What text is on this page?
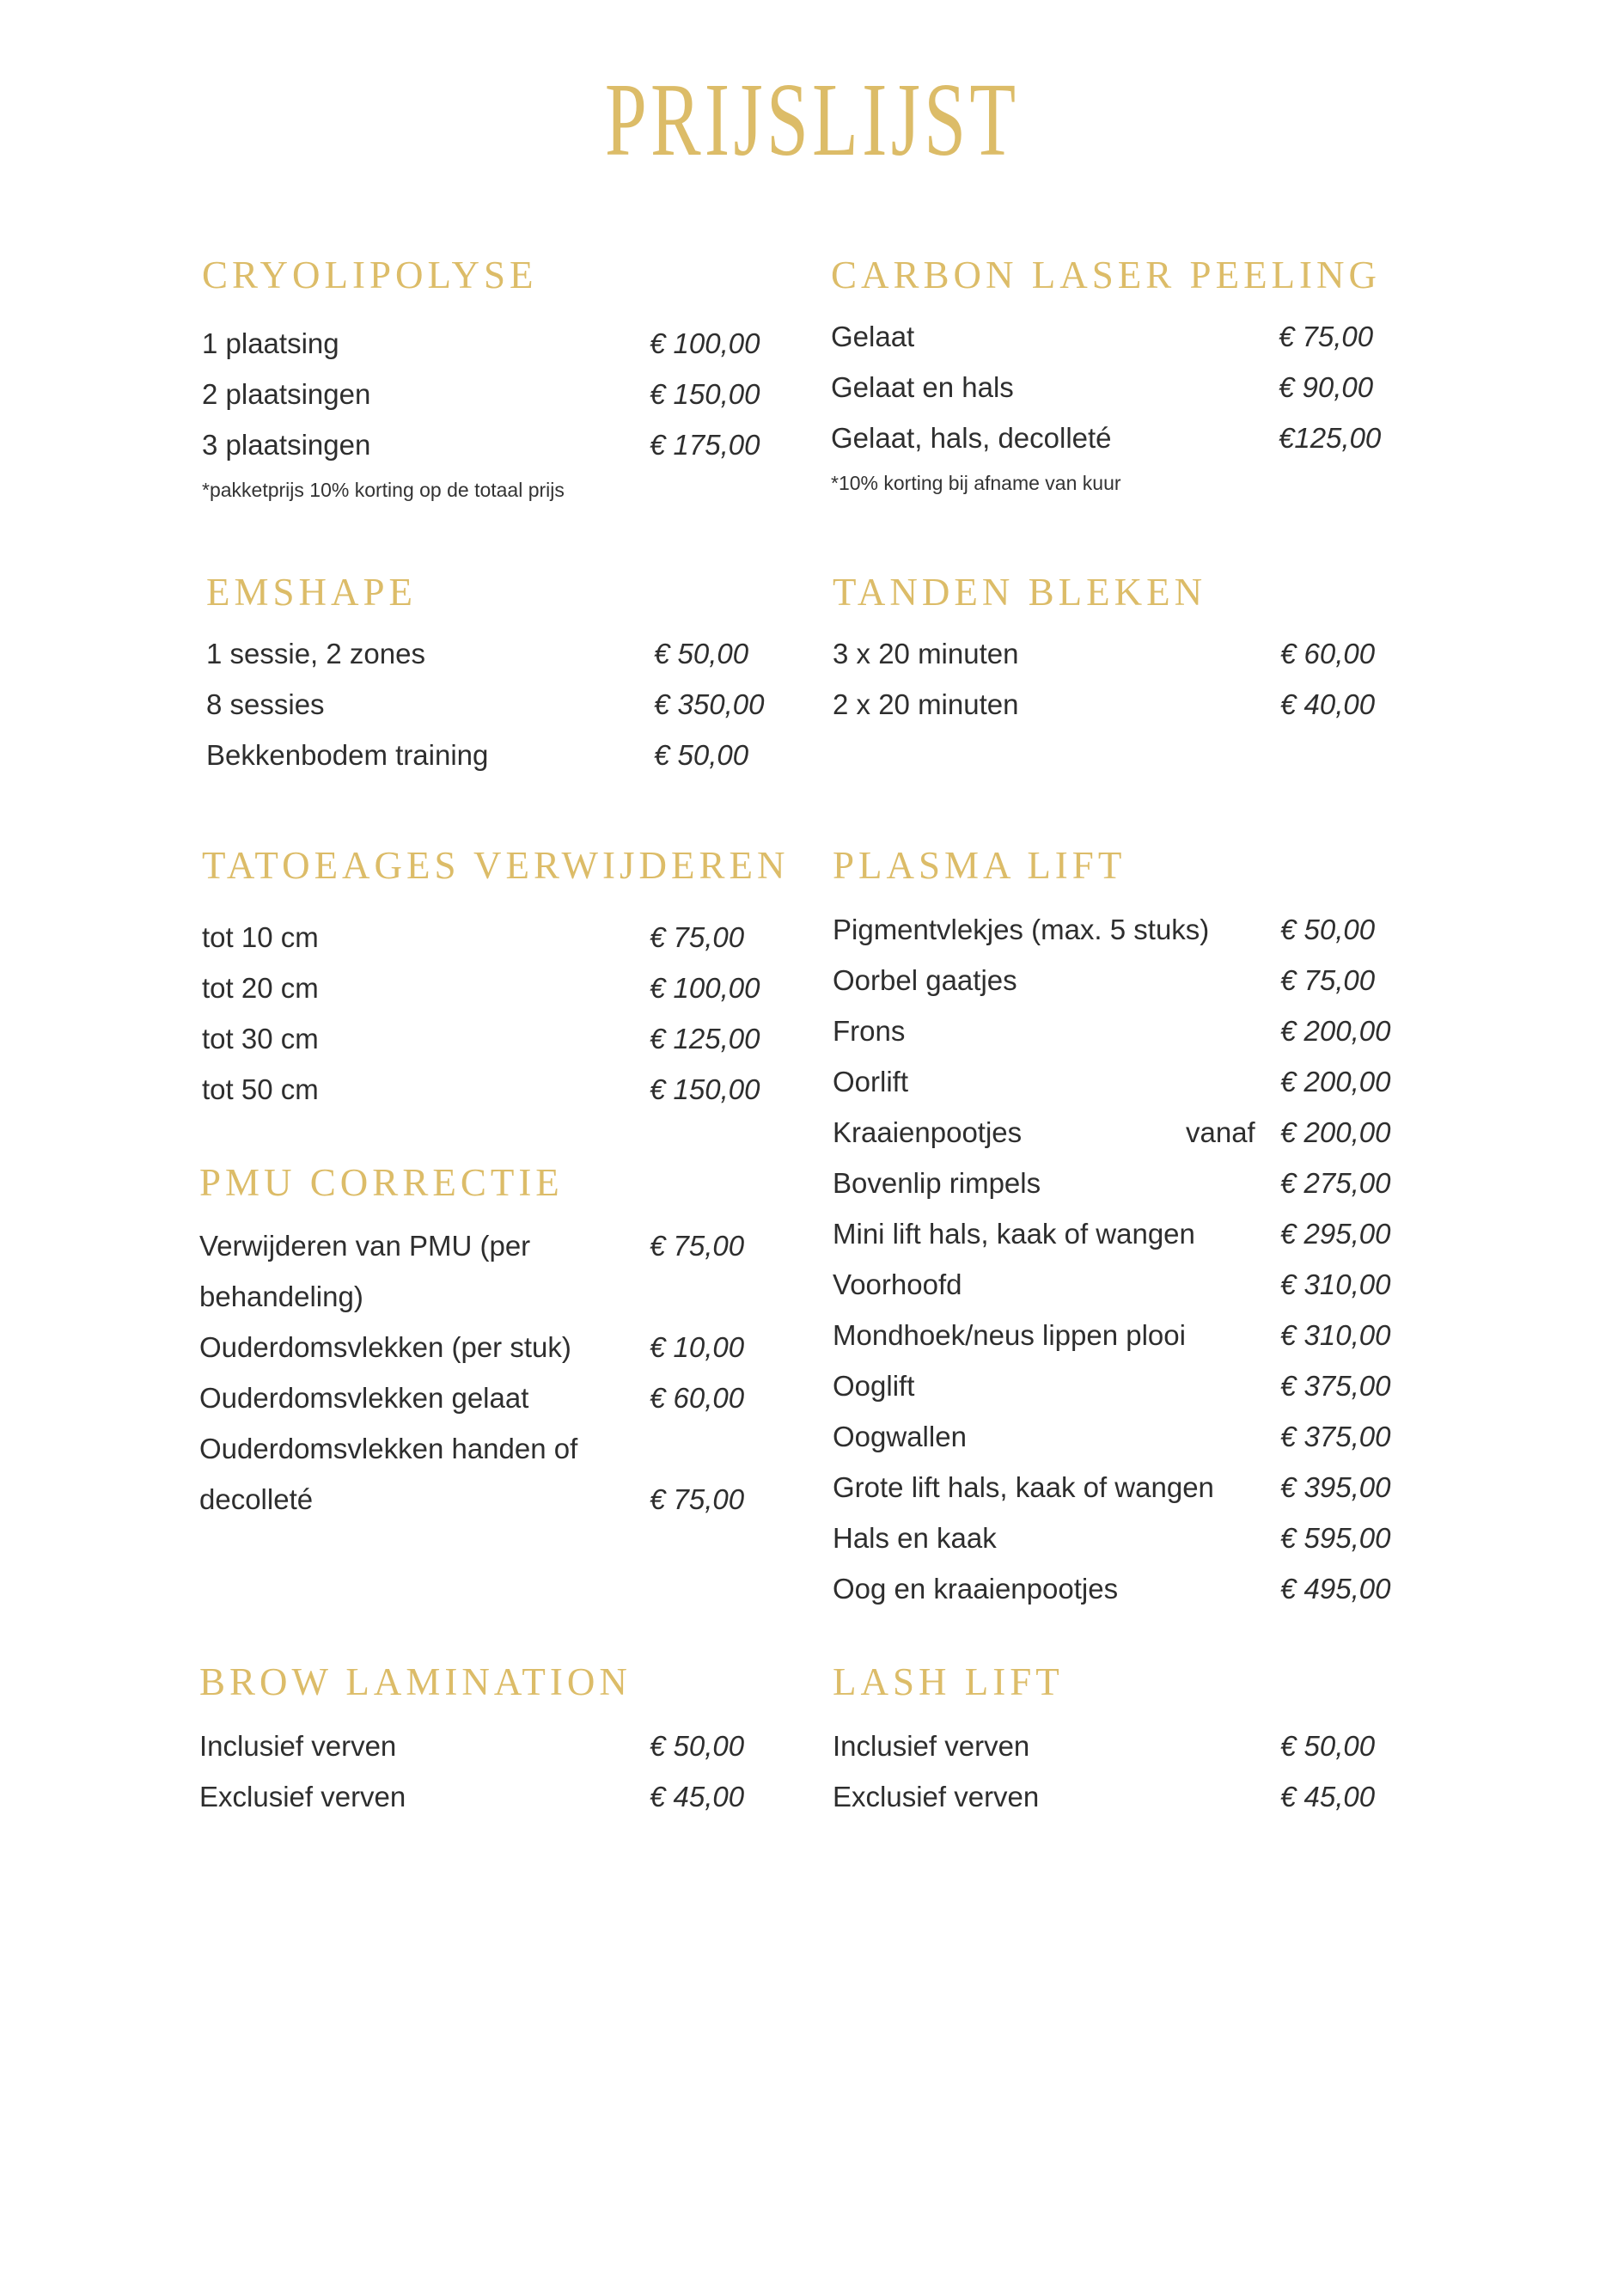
PRIJSLIJST
CRYOLIPOLYSE
1 plaatsing	€ 100,00
2 plaatsingen	€ 150,00
3 plaatsingen	€ 175,00
*pakketprijs 10% korting op de totaal prijs
CARBON LASER PEELING
Gelaat	€ 75,00
Gelaat en hals	€ 90,00
Gelaat, hals, decolleté	€125,00
*10% korting bij afname van kuur
EMSHAPE
1 sessie, 2 zones	€ 50,00
8 sessies	€ 350,00
Bekkenbodem training	€ 50,00
TANDEN BLEKEN
3 x 20 minuten	€ 60,00
2 x 20 minuten	€ 40,00
TATOEAGES VERWIJDEREN
tot 10 cm	€ 75,00
tot 20 cm	€ 100,00
tot 30 cm	€ 125,00
tot 50 cm	€ 150,00
PLASMA LIFT
Pigmentvlekjes (max. 5 stuks)	€ 50,00
Oorbel gaatjes	€ 75,00
Frons	€ 200,00
Oorlift	€ 200,00
Kraaienpootjes	vanaf € 200,00
Bovenlip rimpels	€ 275,00
Mini lift hals, kaak of wangen	€ 295,00
Voorhoofd	€ 310,00
Mondhoek/neus lippen plooi	€ 310,00
Ooglift	€ 375,00
Oogwallen	€ 375,00
Grote lift hals, kaak of wangen	€ 395,00
Hals en kaak	€ 595,00
Oog en kraaienpootjes	€ 495,00
PMU CORRECTIE
Verwijderen van PMU (per
behandeling)
€ 75,00
Ouderdomsvlekken (per stuk)	€ 10,00
Ouderdomsvlekken gelaat	€ 60,00
Ouderdomsvlekken handen of
decolleté	€ 75,00
BROW LAMINATION
Inclusief verven	€ 50,00
Exclusief verven	€ 45,00
LASH LIFT
Inclusief verven	€ 50,00
Exclusief verven	€ 45,00
